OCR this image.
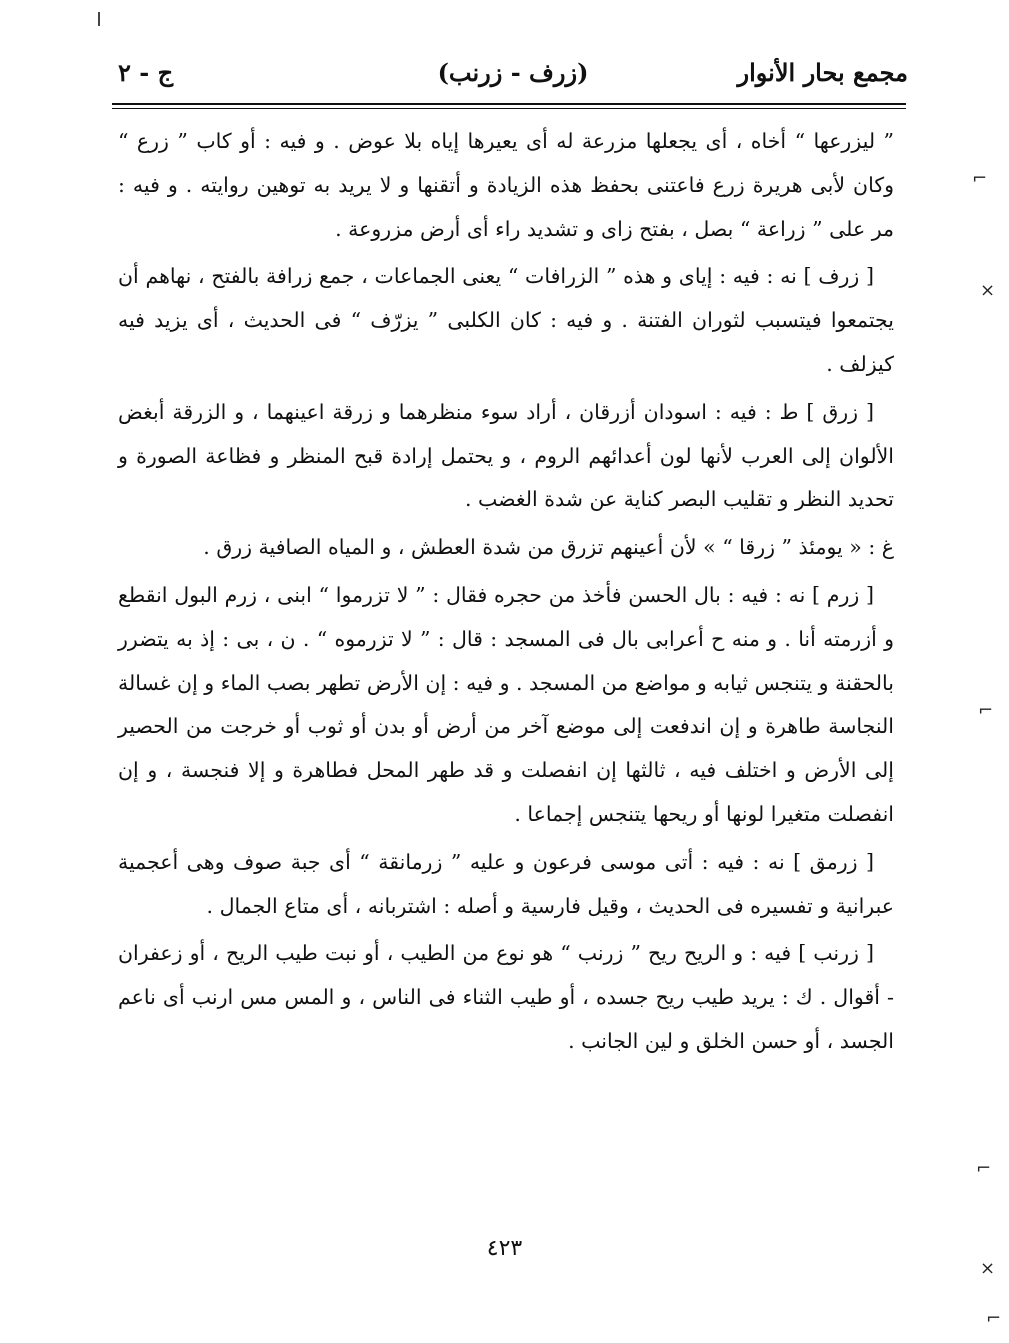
مجمع بحار الأنوار
(زرف - زرنب)
ج - ٢

” ليزرعها “ أخاه ، أى يجعلها مزرعة له أى يعيرها إياه بلا عوض . و فيه : أو كاب ” زرع “ وكان لأبى هريرة زرع فاعتنى بحفظ هذه الزيادة و أتقنها و لا يريد به توهين روايته . و فيه : مر على ” زراعة “ بصل ، بفتح زاى و تشديد راء أى أرض مزروعة .

[ زرف ] نه : فيه : إياى و هذه ” الزرافات “ يعنى الجماعات ، جمع زرافة بالفتح ، نهاهم أن يجتمعوا فيتسبب لثوران الفتنة . و فيه : كان الكلبى ” يزرّف “ فى الحديث ، أى يزيد فيه كيزلف .

[ زرق ] ط : فيه : اسودان أزرقان ، أراد سوء منظرهما و زرقة اعينهما ، و الزرقة أبغض الألوان إلى العرب لأنها لون أعدائهم الروم ، و يحتمل إرادة قبح المنظر و فظاعة الصورة و تحديد النظر و تقليب البصر كناية عن شدة الغضب .

غ : « يومئذ ” زرقا “ » لأن أعينهم تزرق من شدة العطش ، و المياه الصافية زرق .

[ زرم ] نه : فيه : بال الحسن فأخذ من حجره فقال : ” لا تزرموا “ ابنى ، زرم البول انقطع و أزرمته أنا . و منه ح أعرابى بال فى المسجد : قال : ” لا تزرموه “ . ن ، بى : إذ به يتضرر بالحقنة و يتنجس ثيابه و مواضع من المسجد . و فيه : إن الأرض تطهر بصب الماء و إن غسالة النجاسة طاهرة و إن اندفعت إلى موضع آخر من أرض أو بدن أو ثوب أو خرجت من الحصير إلى الأرض و اختلف فيه ، ثالثها إن انفصلت و قد طهر المحل فطاهرة و إلا فنجسة ، و إن انفصلت متغيرا لونها أو ريحها يتنجس إجماعا .

[ زرمق ] نه : فيه : أتى موسى فرعون و عليه ” زرمانقة “ أى جبة صوف وهى أعجمية عبرانية و تفسيره فى الحديث ، وقيل فارسية و أصله : اشتربانه ، أى متاع الجمال .

[ زرنب ] فيه : و الريح ريح ” زرنب “ هو نوع من الطيب ، أو نبت طيب الريح ، أو زعفران - أقوال . ك : يريد طيب ريح جسده ، أو طيب الثناء فى الناس ، و المس مس ارنب أى ناعم الجسد ، أو حسن الخلق و لين الجانب .

٤٢٣
⌐
×
⌐
⌐
×
⌐
